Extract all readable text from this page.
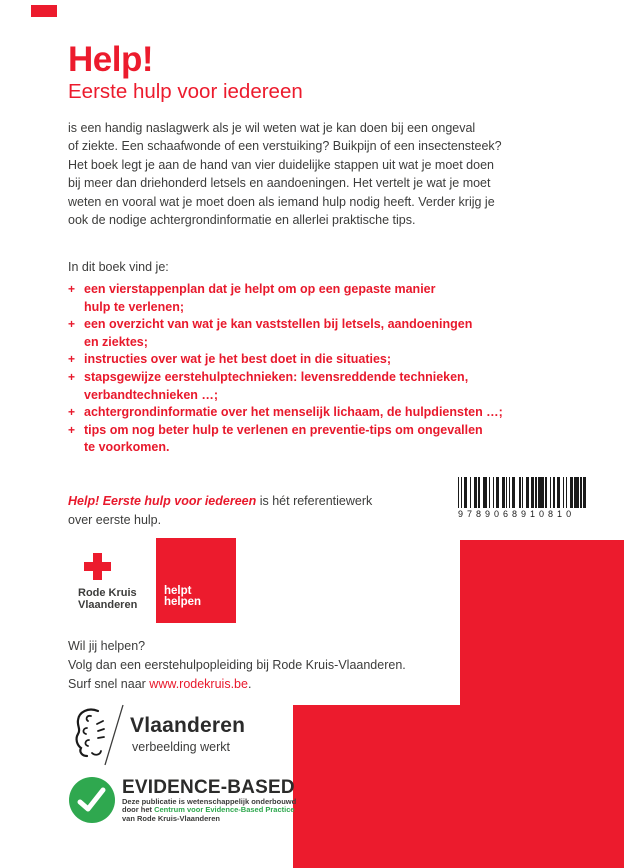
Help!
Eerste hulp voor iedereen
is een handig naslagwerk als je wil weten wat je kan doen bij een ongeval
of ziekte. Een schaafwonde of een verstuiking? Buikpijn of een insectensteek?
Het boek legt je aan de hand van vier duidelijke stappen uit wat je moet doen
bij meer dan driehonderd letsels en aandoeningen. Het vertelt je wat je moet
weten en vooral wat je moet doen als iemand hulp nodig heeft. Verder krijg je
ook de nodige achtergrondinformatie en allerlei praktische tips.
In dit boek vind je:
+ een vierstappenplan dat je helpt om op een gepaste manier
hulp te verlenen;
+ een overzicht van wat je kan vaststellen bij letsels, aandoeningen
en ziektes;
+ instructies over wat je het best doet in die situaties;
+ stapsgewijze eerstehulptechnieken: levensreddende technieken,
verbandtechnieken …;
+ achtergrondinformatie over het menselijk lichaam, de hulpdiensten …;
+ tips om nog beter hulp te verlenen en preventie-tips om ongevallen
te voorkomen.
Help! Eerste hulp voor iedereen is hét referentiewerk
over eerste hulp.	9789068910810
Rode Kruis
Vlaanderen
helpt
helpen
Wil jij helpen?
Volg dan een eerstehulpopleiding bij Rode Kruis-Vlaanderen.
Surf snel naar www.rodekruis.be.
Vlaanderen
verbeelding werkt
EVIDENCE-BASED
Deze publicatie is wetenschappelijk onderbouwd
door het Centrum voor Evidence-Based Practice
van Rode Kruis-Vlaanderen
